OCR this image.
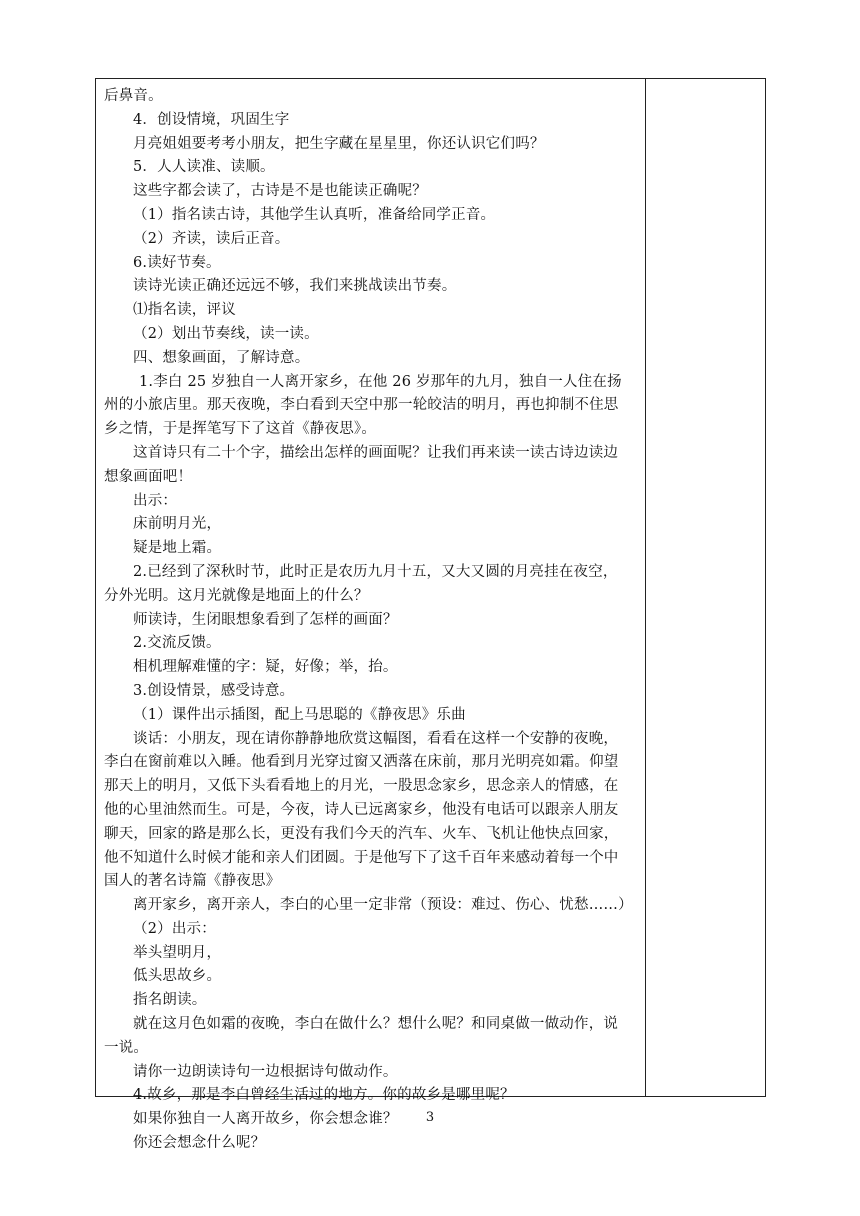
后鼻音。
4．创设情境，巩固生字
月亮姐姐要考考小朋友，把生字藏在星星里，你还认识它们吗？
5．人人读准、读顺。
这些字都会读了，古诗是不是也能读正确呢？
（1）指名读古诗，其他学生认真听，准备给同学正音。
（2）齐读，读后正音。
6.读好节奏。
读诗光读正确还远远不够，我们来挑战读出节奏。
⑴指名读，评议
（2）划出节奏线，读一读。
四、想象画面，了解诗意。
1.李白 25 岁独自一人离开家乡，在他 26 岁那年的九月，独自一人住在扬
州的小旅店里。那天夜晚，李白看到天空中那一轮皎洁的明月，再也抑制不住思
乡之情，于是挥笔写下了这首《静夜思》。
这首诗只有二十个字，描绘出怎样的画面呢？让我们再来读一读古诗边读边
想象画面吧！
出示：
床前明月光，
疑是地上霜。
2.已经到了深秋时节，此时正是农历九月十五，又大又圆的月亮挂在夜空，
分外光明。这月光就像是地面上的什么？
师读诗，生闭眼想象看到了怎样的画面？
2.交流反馈。
相机理解难懂的字：疑，好像；举，抬。
3.创设情景，感受诗意。
（1）课件出示插图，配上马思聪的《静夜思》乐曲
谈话：小朋友，现在请你静静地欣赏这幅图，看看在这样一个安静的夜晚，
李白在窗前难以入睡。他看到月光穿过窗又洒落在床前，那月光明亮如霜。仰望
那天上的明月，又低下头看看地上的月光，一股思念家乡，思念亲人的情感，在
他的心里油然而生。可是，今夜，诗人已远离家乡，他没有电话可以跟亲人朋友
聊天，回家的路是那么长，更没有我们今天的汽车、火车、飞机让他快点回家，
他不知道什么时候才能和亲人们团圆。于是他写下了这千百年来感动着每一个中
国人的著名诗篇《静夜思》
离开家乡，离开亲人，李白的心里一定非常（预设：难过、伤心、忧愁……）
（2）出示：
举头望明月，
低头思故乡。
指名朗读。
就在这月色如霜的夜晚，李白在做什么？想什么呢？和同桌做一做动作，说
一说。
请你一边朗读诗句一边根据诗句做动作。
4.故乡，那是李白曾经生活过的地方。你的故乡是哪里呢？
如果你独自一人离开故乡，你会想念谁？
你还会想念什么呢？
3
